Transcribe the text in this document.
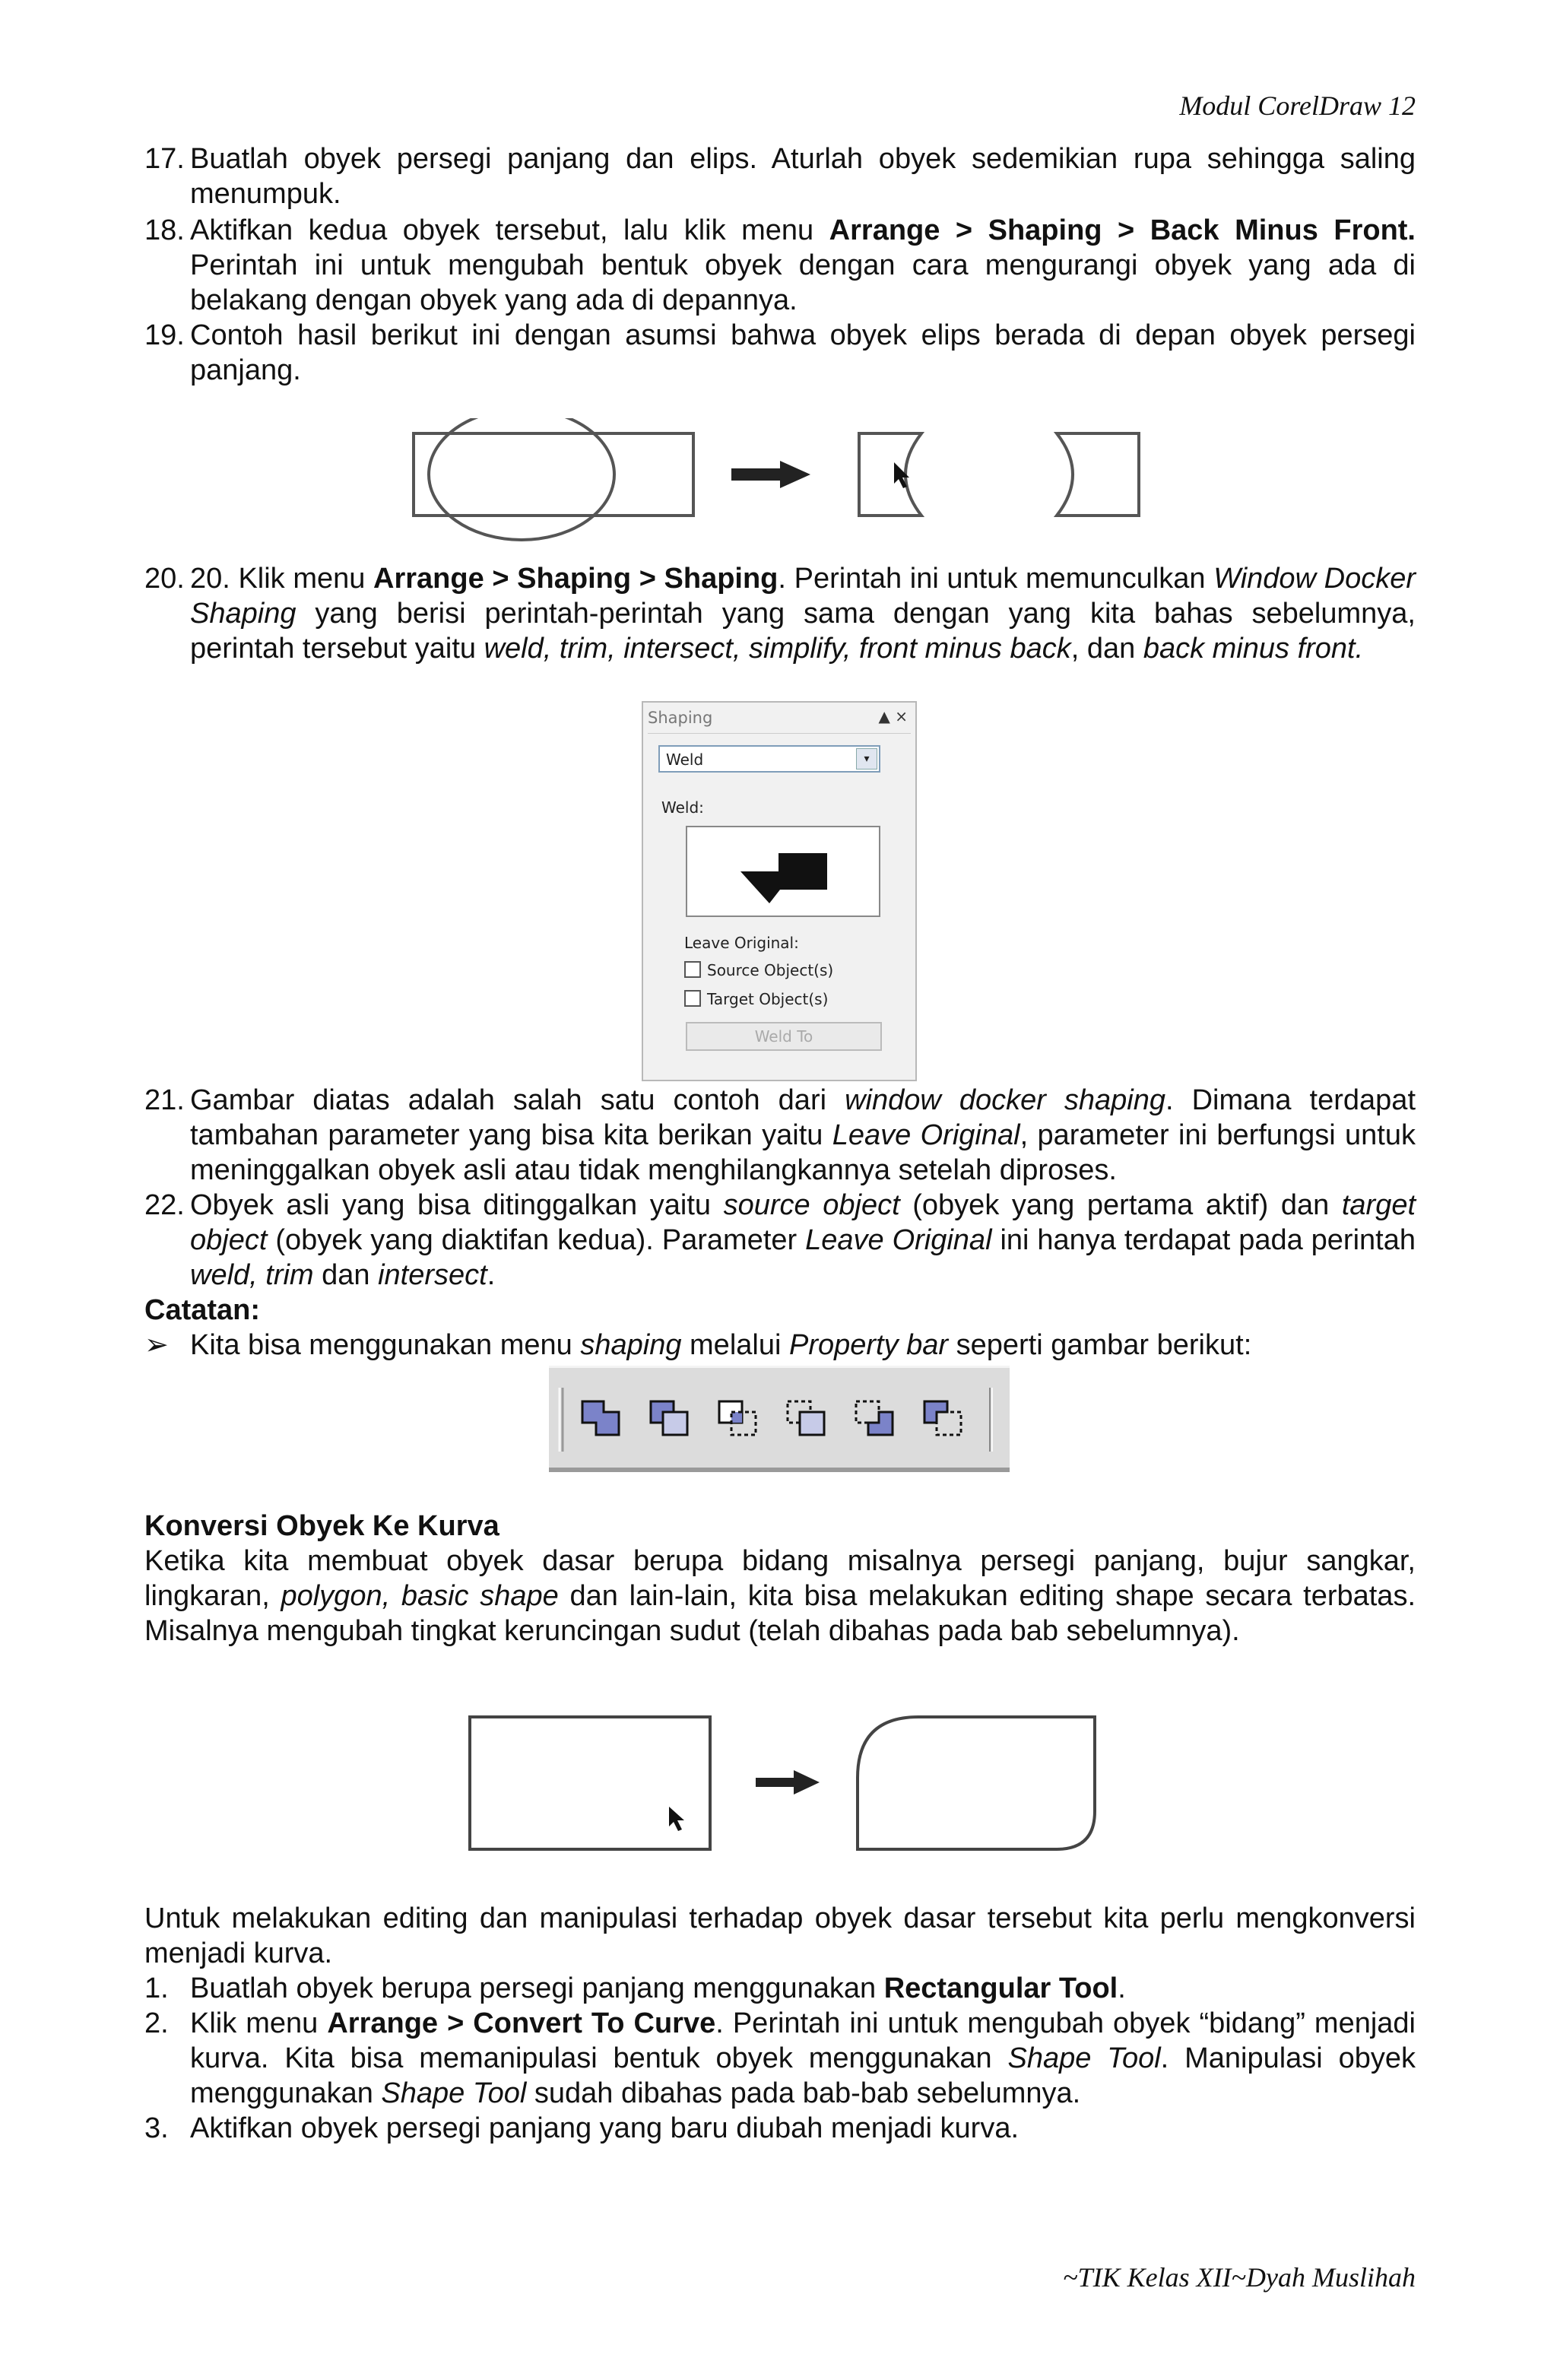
Modul CorelDraw 12
17. Buatlah obyek persegi panjang dan elips. Aturlah obyek sedemikian rupa sehingga saling menumpuk.
18. Aktifkan kedua obyek tersebut, lalu klik menu Arrange > Shaping > Back Minus Front. Perintah ini untuk mengubah bentuk obyek dengan cara mengurangi obyek yang ada di belakang dengan obyek yang ada di depannya.
19. Contoh hasil berikut ini dengan asumsi bahwa obyek elips berada di depan obyek persegi panjang.
20. 20. Klik menu Arrange > Shaping > Shaping. Perintah ini untuk memunculkan Window Docker Shaping yang berisi perintah-perintah yang sama dengan yang kita bahas sebelumnya, perintah tersebut yaitu weld, trim, intersect, simplify, front minus back, dan back minus front.
Shaping	▲ ×
Weld	▾
Weld:
Leave Original:
Source Object(s)
Target Object(s)
Weld To
21. Gambar diatas adalah salah satu contoh dari window docker shaping. Dimana terdapat tambahan parameter yang bisa kita berikan yaitu Leave Original, parameter ini berfungsi untuk meninggalkan obyek asli atau tidak menghilangkannya setelah diproses.
22. Obyek asli yang bisa ditinggalkan yaitu source object (obyek yang pertama aktif) dan target object (obyek yang diaktifan kedua). Parameter Leave Original ini hanya terdapat pada perintah weld, trim dan intersect.
Catatan:
➢ Kita bisa menggunakan menu shaping melalui Property bar seperti gambar berikut:
Konversi Obyek Ke Kurva
Ketika kita membuat obyek dasar berupa bidang misalnya persegi panjang, bujur sangkar, lingkaran, polygon, basic shape dan lain-lain, kita bisa melakukan editing shape secara terbatas. Misalnya mengubah tingkat keruncingan sudut (telah dibahas pada bab sebelumnya).
Untuk melakukan editing dan manipulasi terhadap obyek dasar tersebut kita perlu mengkonversi menjadi kurva.
1. Buatlah obyek berupa persegi panjang menggunakan Rectangular Tool.
2. Klik menu Arrange > Convert To Curve. Perintah ini untuk mengubah obyek “bidang” menjadi kurva. Kita bisa memanipulasi bentuk obyek menggunakan Shape Tool. Manipulasi obyek menggunakan Shape Tool sudah dibahas pada bab-bab sebelumnya.
3. Aktifkan obyek persegi panjang yang baru diubah menjadi kurva.
~TIK Kelas XII~Dyah Muslihah
